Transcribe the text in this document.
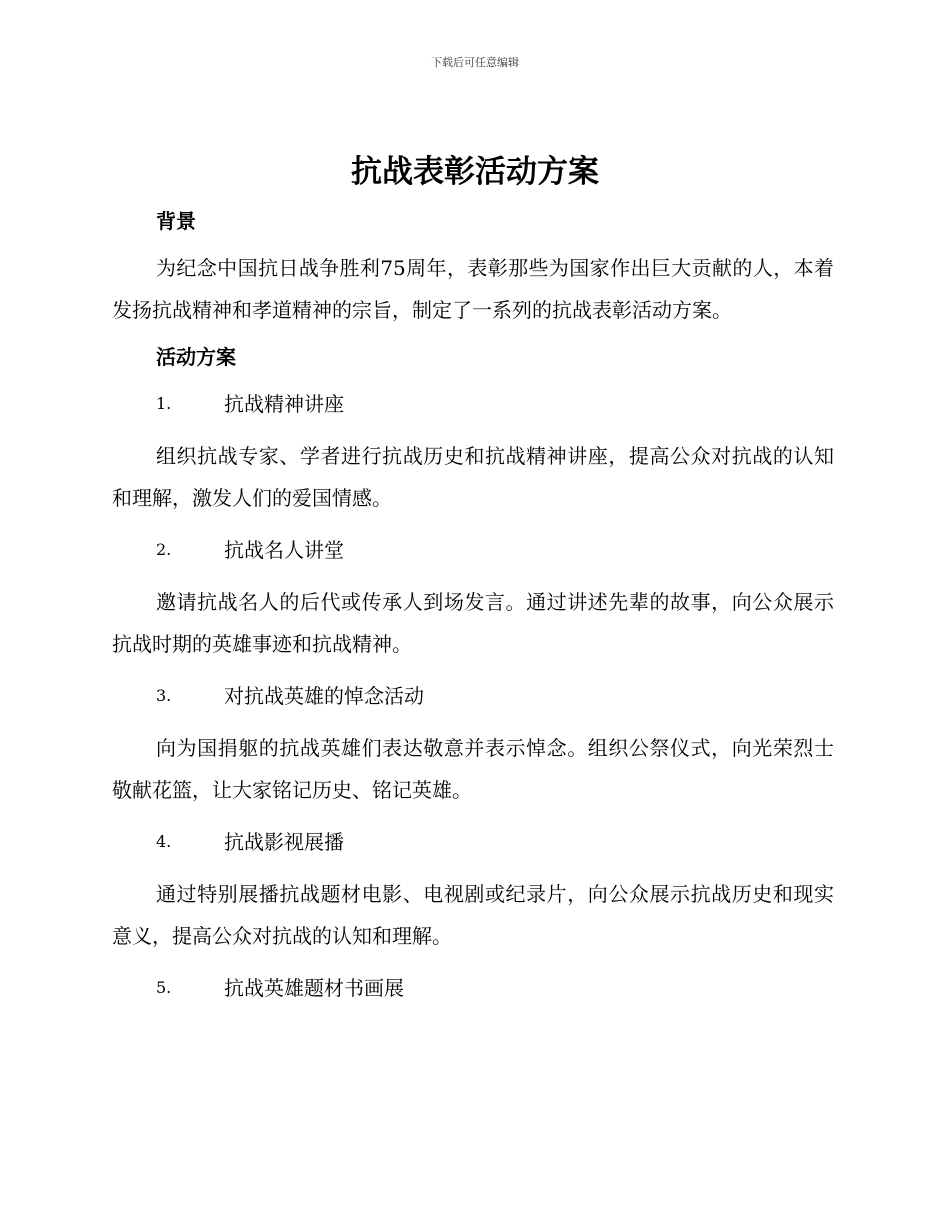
下载后可任意编辑
抗战表彰活动方案
背景

为纪念中国抗日战争胜利75周年，表彰那些为国家作出巨大贡献的人，本着发扬抗战精神和孝道精神的宗旨，制定了一系列的抗战表彰活动方案。

活动方案
1.	抗战精神讲座

组织抗战专家、学者进行抗战历史和抗战精神讲座，提高公众对抗战的认知和理解，激发人们的爱国情感。

2.	抗战名人讲堂

邀请抗战名人的后代或传承人到场发言。通过讲述先辈的故事，向公众展示抗战时期的英雄事迹和抗战精神。

3.	对抗战英雄的悼念活动

向为国捐躯的抗战英雄们表达敬意并表示悼念。组织公祭仪式，向光荣烈士敬献花篮，让大家铭记历史、铭记英雄。

4.	抗战影视展播

通过特别展播抗战题材电影、电视剧或纪录片，向公众展示抗战历史和现实意义，提高公众对抗战的认知和理解。

5.	抗战英雄题材书画展
